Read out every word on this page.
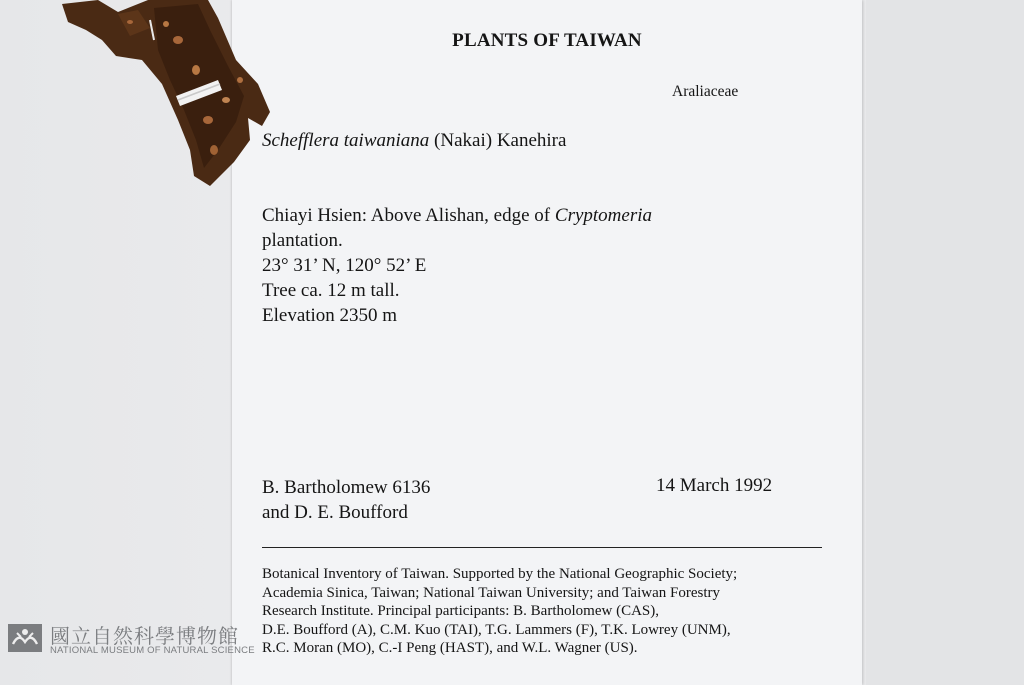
PLANTS OF TAIWAN
Araliaceae
Schefflera taiwaniana (Nakai) Kanehira
Chiayi Hsien: Above Alishan, edge of Cryptomeria
plantation.
23° 31’ N, 120° 52’ E
Tree ca. 12 m tall.
Elevation 2350 m
B. Bartholomew 6136
and D. E. Boufford
14 March 1992
Botanical Inventory of Taiwan. Supported by the National Geographic Society;
Academia Sinica, Taiwan; National Taiwan University; and Taiwan Forestry
Research Institute. Principal participants: B. Bartholomew (CAS),
D.E. Boufford (A), C.M. Kuo (TAI), T.G. Lammers (F), T.K. Lowrey (UNM),
R.C. Moran (MO), C.-I Peng (HAST), and W.L. Wagner (US).
國立自然科學博物館
NATIONAL MUSEUM OF NATURAL SCIENCE
